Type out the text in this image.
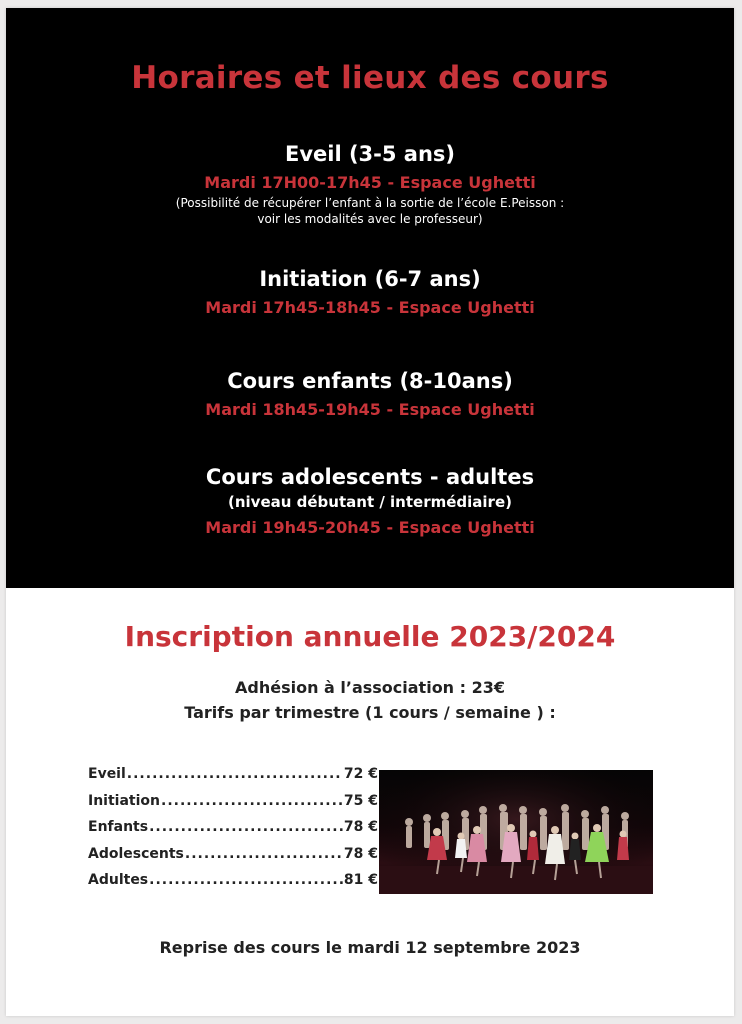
Horaires et lieux des cours
Eveil (3-5 ans)
Mardi 17H00-17h45 - Espace Ughetti
(Possibilité de récupérer l’enfant à la sortie de l’école E.Peisson :
voir les modalités avec le professeur)
Initiation (6-7 ans)
Mardi 17h45-18h45 - Espace Ughetti
Cours enfants (8-10ans)
Mardi 18h45-19h45 - Espace Ughetti
Cours adolescents - adultes
(niveau débutant / intermédiaire)
Mardi 19h45-20h45 - Espace Ughetti
Inscription annuelle 2023/2024
Adhésion à l’association : 23€
Tarifs par trimestre (1 cours / semaine ) :
Eveil .....	72 €
Initiation .....	75 €
Enfants .....	78 €
Adolescents .....	78 €
Adultes .....	81 €
Reprise des cours le mardi 12 septembre 2023
